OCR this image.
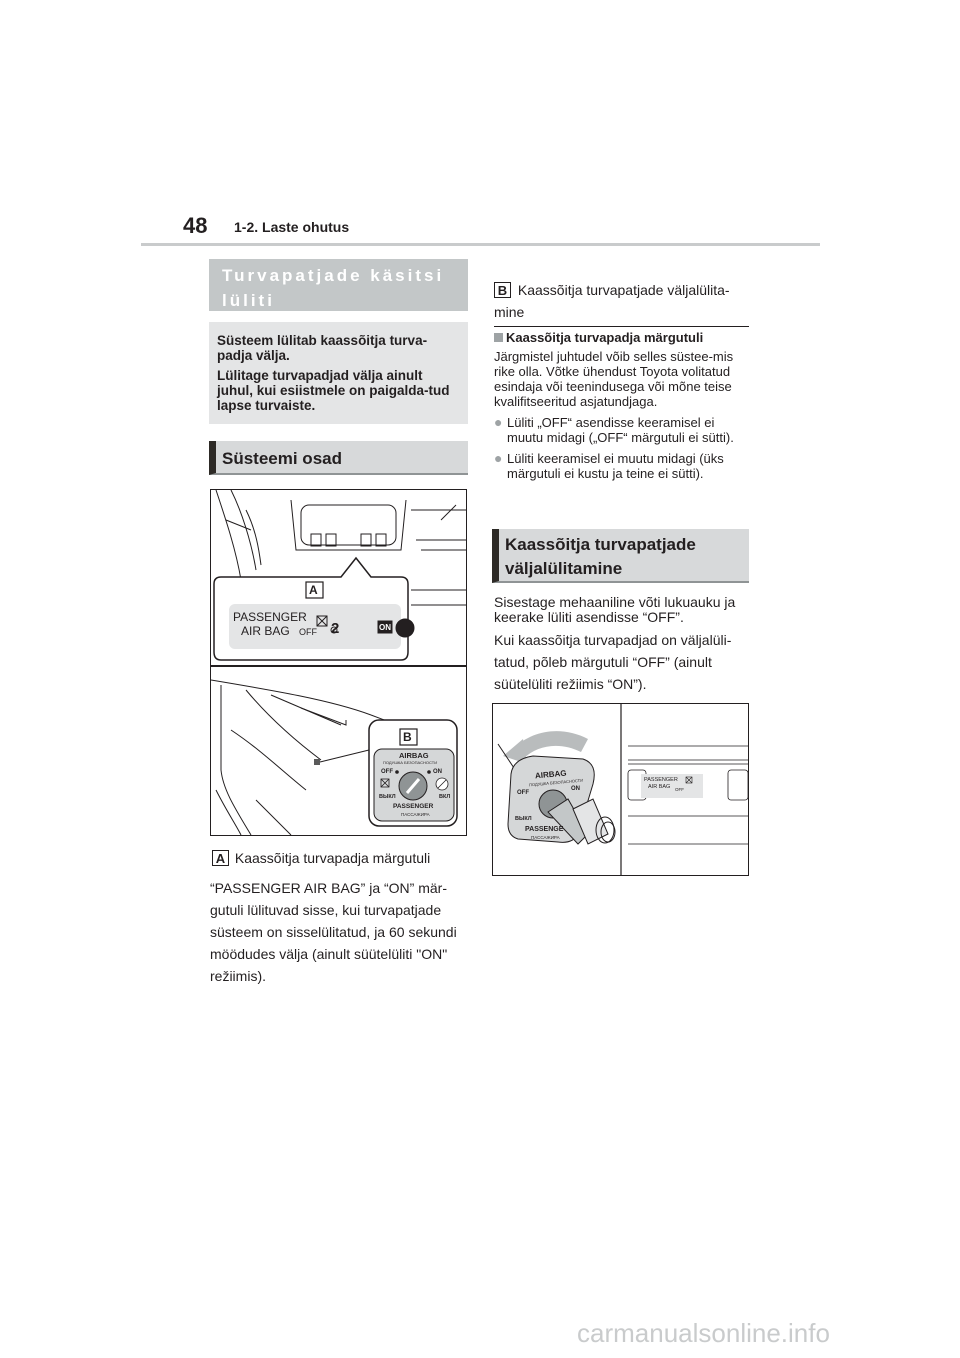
48 1-2. Laste ohutus
Turvapatjade käsitsi lüliti

Süsteem lülitab kaassõitja turva-padja välja.

Lülitage turvapadjad välja ainult juhul, kui esiistmele on paigalda-tud lapse turvaiste.

Süsteemi osad
A
PASSENGER
AIR BAG OFF 2	ON
B
AIRBAG
ПОДУШКА БЕЗОПАСНОСТИ
OFF	ON
ВЫКЛ	ВКЛ
PASSENGER
ПАССАЖИРА
A Kaassõitja turvapadja märgutuli
“PASSENGER AIR BAG” ja “ON” mär-gutuli lülituvad sisse, kui turvapatjade süsteem on sisselülitatud, ja 60 sekundi möödudes välja (ainult süütelüliti "ON" režiimis).
B Kaassõitja turvapatjade väljalülita-mine
Kaassõitja turvapadja märgutuli
Järgmistel juhtudel võib selles süstee-mis rike olla. Võtke ühendust Toyota volitatud esindaja või teenindusega või mõne teise kvalifitseeritud asjatundjaga.
● Lüliti „OFF“ asendisse keeramisel ei muutu midagi („OFF“ märgutuli ei sütti).
● Lüliti keeramisel ei muutu midagi (üks märgutuli ei kustu ja teine ei sütti).
Kaassõitja turvapatjade väljalülitamine
Sisestage mehaaniline võti lukuauku ja keerake lüliti asendisse “OFF”.
Kui kaassõitja turvapadjad on väljalüli-tatud, põleb märgutuli “OFF” (ainult süütelüliti režiimis “ON”).
AIRBAG
ПОДУШКА БЕЗОПАСНОСТИ
OFF
ON
ВЫКЛ
PASSENGE
ПАССАЖИРА
PASSENGER
AIR BAG OFF
carmanualsonline.info
